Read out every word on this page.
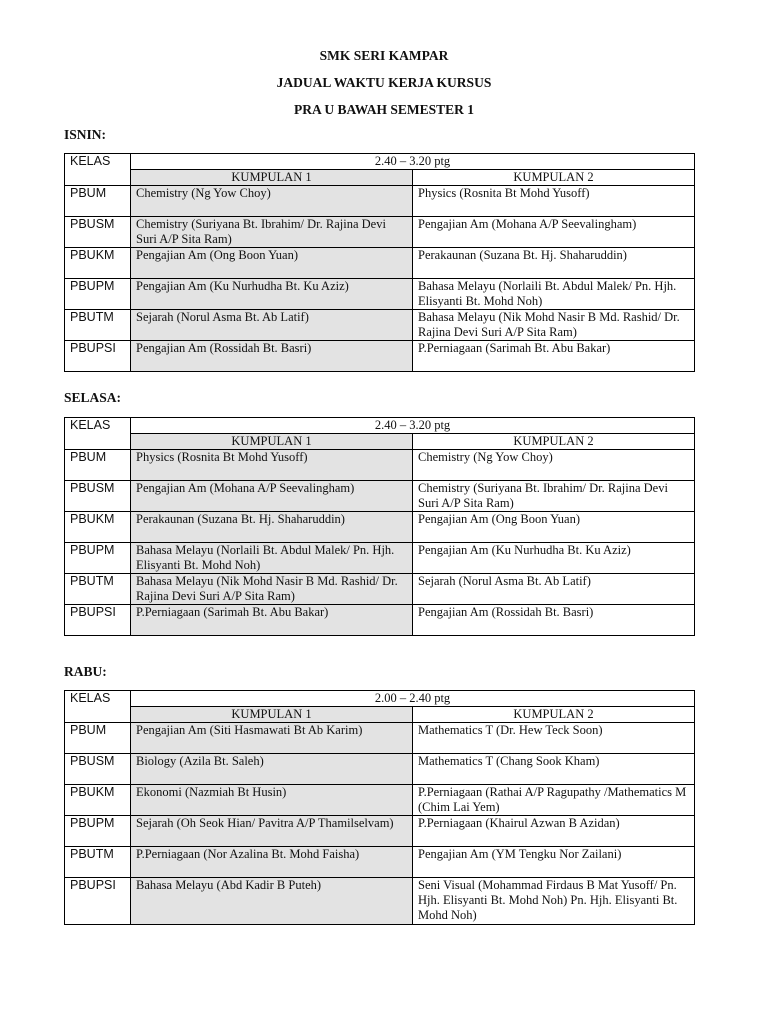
SMK SERI KAMPAR
JADUAL WAKTU KERJA KURSUS
PRA U BAWAH SEMESTER 1

ISNIN:

KELAS	2.40 – 3.20 ptg	
	KUMPULAN 1	KUMPULAN 2
PBUM	Chemistry (Ng Yow Choy)	Physics (Rosnita Bt Mohd Yusoff)
PBUSM	Chemistry (Suriyana Bt. Ibrahim/ Dr. Rajina Devi Suri A/P Sita Ram)	Pengajian Am (Mohana A/P Seevalingham)
PBUKM	Pengajian Am (Ong Boon Yuan)	Perakaunan (Suzana Bt. Hj. Shaharuddin)
PBUPM	Pengajian Am (Ku Nurhudha Bt. Ku Aziz)	Bahasa Melayu (Norlaili Bt. Abdul Malek/ Pn. Hjh. Elisyanti Bt. Mohd Noh)
PBUTM	Sejarah (Norul Asma Bt. Ab Latif)	Bahasa Melayu (Nik Mohd Nasir B Md. Rashid/ Dr. Rajina Devi Suri A/P Sita Ram)
PBUPSI	Pengajian Am (Rossidah Bt. Basri)	P.Perniagaan (Sarimah Bt. Abu Bakar)

SELASA:

KELAS	2.40 – 3.20 ptg	
	KUMPULAN 1	KUMPULAN 2
PBUM	Physics (Rosnita Bt Mohd Yusoff)	Chemistry (Ng Yow Choy)
PBUSM	Pengajian Am (Mohana A/P Seevalingham)	Chemistry (Suriyana Bt. Ibrahim/ Dr. Rajina Devi Suri A/P Sita Ram)
PBUKM	Perakaunan (Suzana Bt. Hj. Shaharuddin)	Pengajian Am (Ong Boon Yuan)
PBUPM	Bahasa Melayu (Norlaili Bt. Abdul Malek/ Pn. Hjh. Elisyanti Bt. Mohd Noh)	Pengajian Am (Ku Nurhudha Bt. Ku Aziz)
PBUTM	Bahasa Melayu (Nik Mohd Nasir B Md. Rashid/ Dr. Rajina Devi Suri A/P Sita Ram)	Sejarah (Norul Asma Bt. Ab Latif)
PBUPSI	P.Perniagaan (Sarimah Bt. Abu Bakar)	Pengajian Am (Rossidah Bt. Basri)

RABU:

KELAS	2.00 – 2.40 ptg	
	KUMPULAN 1	KUMPULAN 2
PBUM	Pengajian Am (Siti Hasmawati Bt Ab Karim)	Mathematics T (Dr. Hew Teck Soon)
PBUSM	Biology (Azila Bt. Saleh)	Mathematics T (Chang Sook Kham)
PBUKM	Ekonomi (Nazmiah Bt Husin)	P.Perniagaan (Rathai A/P Ragupathy /Mathematics M (Chim Lai Yem)
PBUPM	Sejarah (Oh Seok Hian/ Pavitra A/P Thamilselvam)	P.Perniagaan (Khairul Azwan B Azidan)
PBUTM	P.Perniagaan (Nor Azalina Bt. Mohd Faisha)	Pengajian Am (YM Tengku Nor Zailani)
PBUPSI	Bahasa Melayu (Abd Kadir B Puteh)	Seni Visual (Mohammad Firdaus B Mat Yusoff/ Pn. Hjh. Elisyanti Bt. Mohd Noh) Pn. Hjh. Elisyanti Bt. Mohd Noh)
